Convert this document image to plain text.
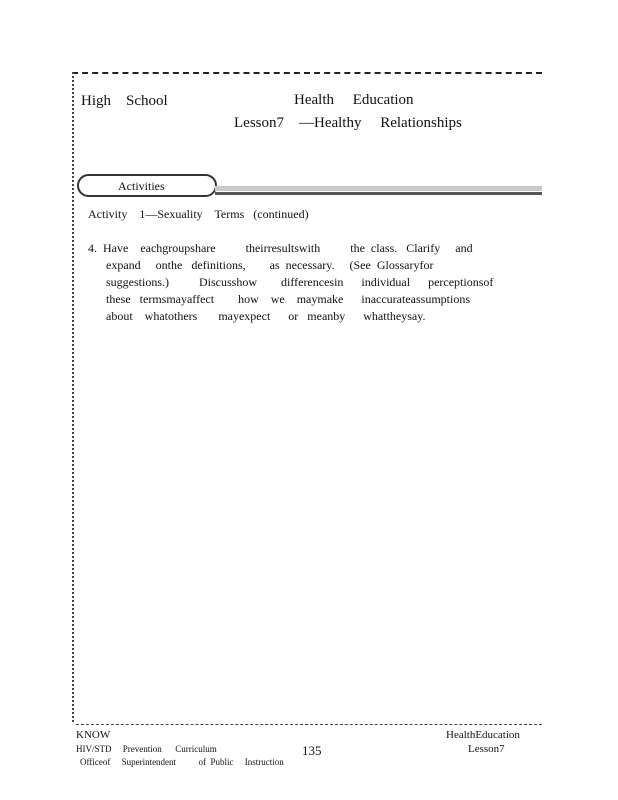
High    School	Health     Education
Lesson7    —Healthy     Relationships
Activities
Activity    1—Sexuality    Terms   (continued)
4.  Have    eachgroupshare          theirresultswith          the  class.   Clarify     and
expand     onthe   definitions,        as  necessary.     (See  Glossaryfor
suggestions.)          Discusshow        differencesin      individual      perceptionsof
these   termsmayaffect        how    we    maymake      inaccurateassumptions
about    whatothers       mayexpect      or   meanby      whattheysay.
KNOW
HIV/STD     Prevention      Curriculum
Officeof     Superintendent          of  Public     Instruction
135
HealthEducation
Lesson7
